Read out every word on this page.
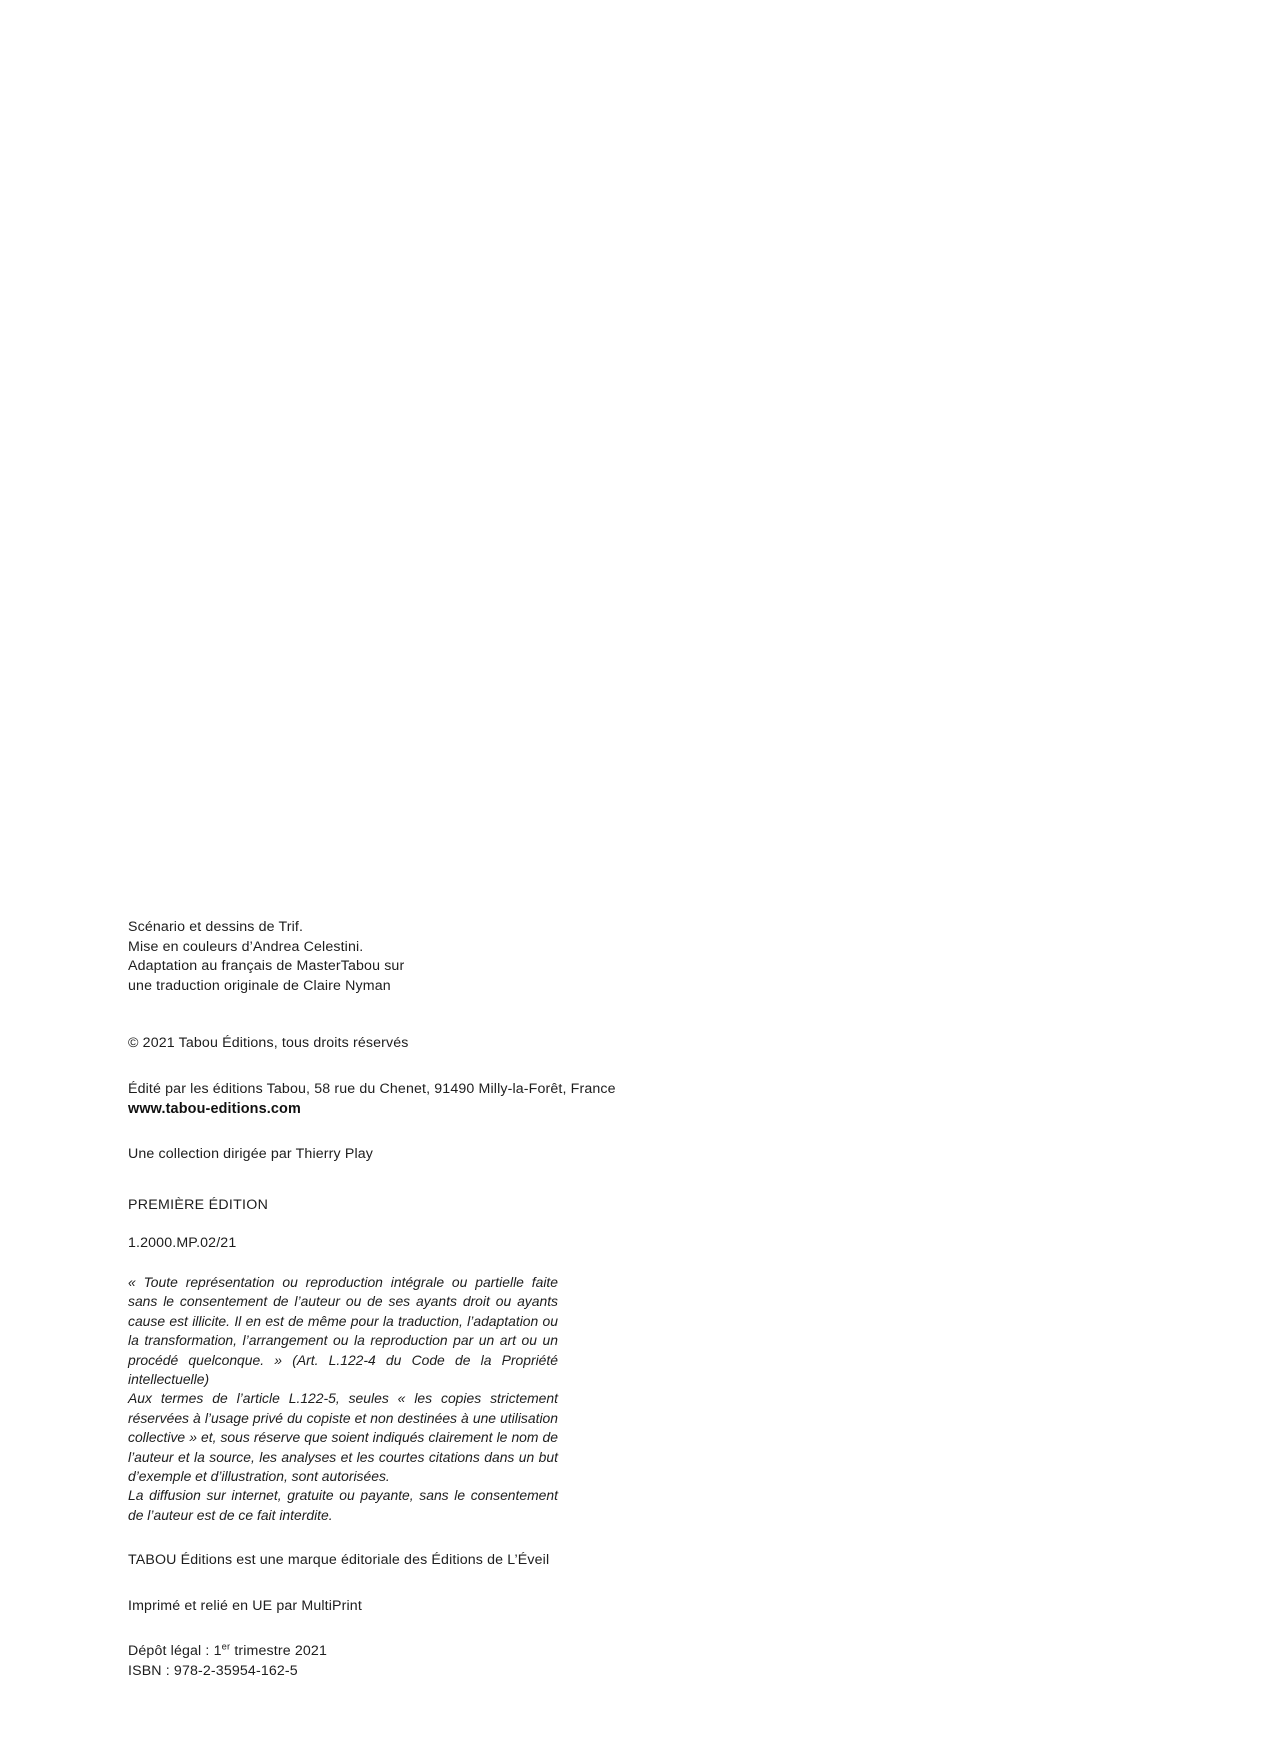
Scénario et dessins de Trif.
Mise en couleurs d’Andrea Celestini.
Adaptation au français de MasterTabou sur
une traduction originale de Claire Nyman
© 2021 Tabou Éditions, tous droits réservés
Édité par les éditions Tabou, 58 rue du Chenet, 91490 Milly-la-Forêt, France
www.tabou-editions.com
Une collection dirigée par Thierry Play
PREMIÈRE ÉDITION
1.2000.MP.02/21

« Toute représentation ou reproduction intégrale ou partielle faite sans le consentement de l’auteur ou de ses ayants droit ou ayants cause est illicite. Il en est de même pour la traduction, l’adaptation ou la transformation, l’arrangement ou la reproduction par un art ou un procédé quelconque. » (Art. L.122-4 du Code de la Propriété intellectuelle)

Aux termes de l’article L.122-5, seules « les copies strictement réservées à l’usage privé du copiste et non destinées à une utilisation collective » et, sous réserve que soient indiqués clairement le nom de l’auteur et la source, les analyses et les courtes citations dans un but d’exemple et d’illustration, sont autorisées.

La diffusion sur internet, gratuite ou payante, sans le consentement de l’auteur est de ce fait interdite.

TABOU Éditions est une marque éditoriale des Éditions de L’Éveil
Imprimé et relié en UE par MultiPrint
Dépôt légal : 1er trimestre 2021
ISBN : 978-2-35954-162-5
